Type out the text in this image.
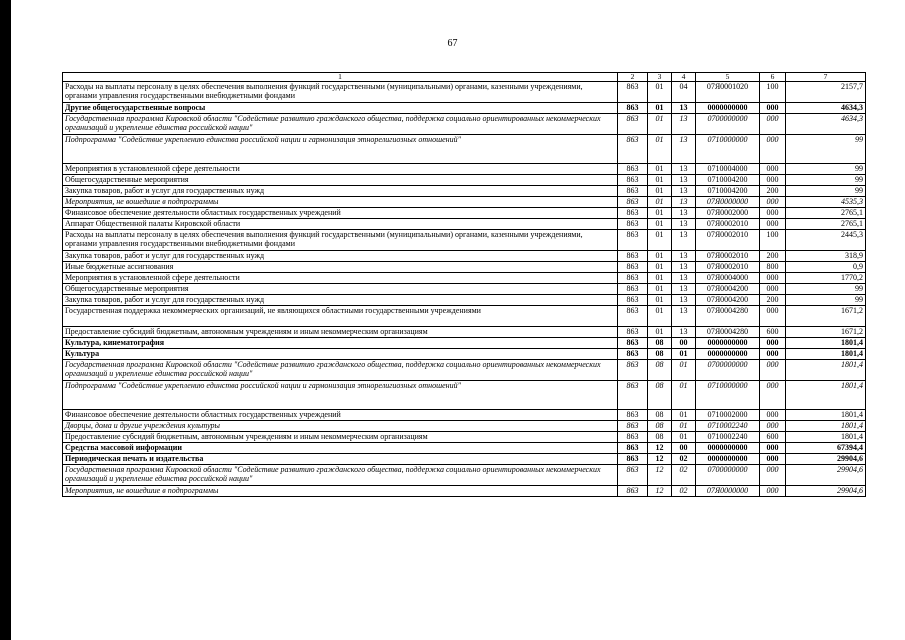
67
1	2	3	4	5	6	7
Расходы на выплаты персоналу в целях обеспечения выполнения функций государственными (муниципальными) органами, казенными учреждениями, органами управления государственными внебюджетными фондами	863	01	04	07Я0001020	100	2157,7
Другие общегосударственные вопросы	863	01	13	0000000000	000	4634,3
Государственная программа Кировской области "Содействие развитию гражданского общества, поддержка социально ориентированных некоммерческих организаций и укрепление единства российской нации"	863	01	13	0700000000	000	4634,3
Подпрограмма "Содействие укреплению единства российской нации и гармонизация этнорелигиозных отношений"	863	01	13	0710000000	000	99
Мероприятия в установленной сфере деятельности	863	01	13	0710004000	000	99
Общегосударственные мероприятия	863	01	13	0710004200	000	99
Закупка товаров, работ и услуг для государственных нужд	863	01	13	0710004200	200	99
Мероприятия, не вошедшие в подпрограммы	863	01	13	07Я0000000	000	4535,3
Финансовое обеспечение деятельности областных государственных учреждений	863	01	13	07Я0002000	000	2765,1
Аппарат Общественной палаты Кировской области	863	01	13	07Я0002010	000	2765,1
Расходы на выплаты персоналу в целях обеспечения выполнения функций государственными (муниципальными) органами, казенными учреждениями, органами управления государственными внебюджетными фондами	863	01	13	07Я0002010	100	2445,3
Закупка товаров, работ и услуг для государственных нужд	863	01	13	07Я0002010	200	318,9
Иные бюджетные ассигнования	863	01	13	07Я0002010	800	0,9
Мероприятия в установленной сфере деятельности	863	01	13	07Я0004000	000	1770,2
Общегосударственные мероприятия	863	01	13	07Я0004200	000	99
Закупка товаров, работ и услуг для государственных нужд	863	01	13	07Я0004200	200	99
Государственная поддержка некоммерческих организаций, не являющихся областными государственными учреждениями	863	01	13	07Я0004280	000	1671,2
Предоставление субсидий бюджетным, автономным учреждениям и иным некоммерческим организациям	863	01	13	07Я0004280	600	1671,2
Культура, кинематография	863	08	00	0000000000	000	1801,4
Культура	863	08	01	0000000000	000	1801,4
Государственная программа Кировской области "Содействие развитию гражданского общества, поддержка социально ориентированных некоммерческих организаций и укрепление единства российской нации"	863	08	01	0700000000	000	1801,4
Подпрограмма "Содействие укреплению единства российской нации и гармонизация этнорелигиозных отношений"	863	08	01	0710000000	000	1801,4
Финансовое обеспечение деятельности областных государственных учреждений	863	08	01	0710002000	000	1801,4
Дворцы, дома и другие учреждения культуры	863	08	01	0710002240	000	1801,4
Предоставление субсидий бюджетным, автономным учреждениям и иным некоммерческим организациям	863	08	01	0710002240	600	1801,4
Средства массовой информации	863	12	00	0000000000	000	67394,4
Периодическая печать и издательства	863	12	02	0000000000	000	29904,6
Государственная программа Кировской области "Содействие развитию гражданского общества, поддержка социально ориентированных некоммерческих организаций и укрепление единства российской нации"	863	12	02	0700000000	000	29904,6
Мероприятия, не вошедшие в подпрограммы	863	12	02	07Я0000000	000	29904,6
